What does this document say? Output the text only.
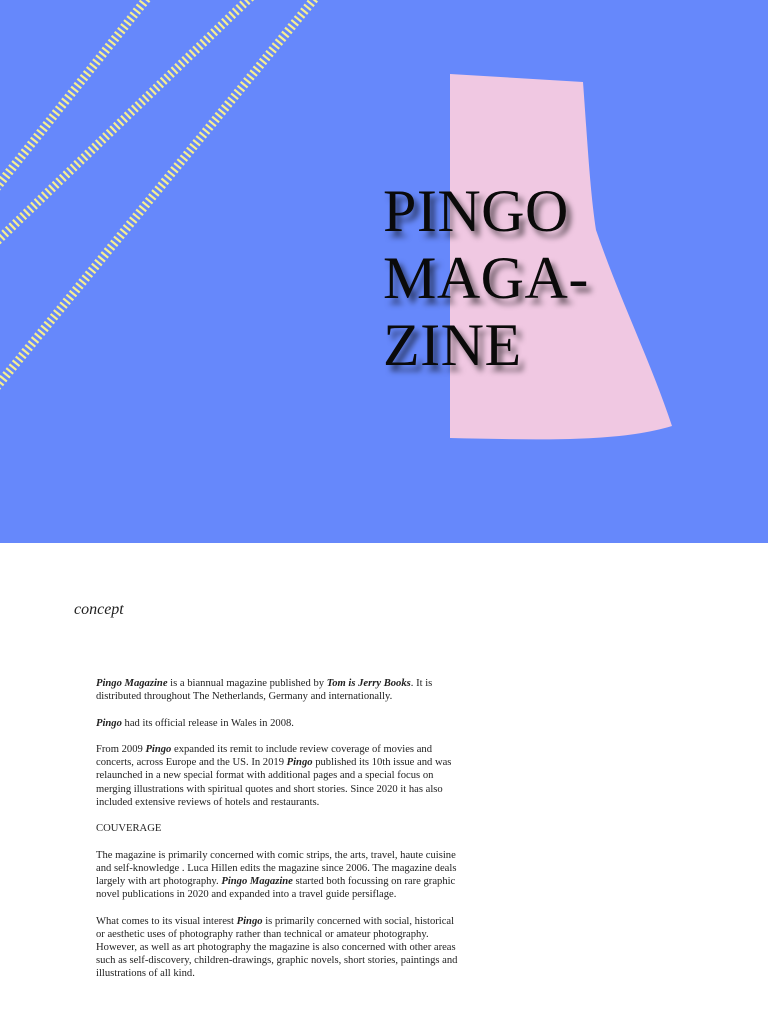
PINGO
MAGA-
ZINE
concept

Pingo Magazine is a biannual magazine published by Tom is Jerry Books. It is distributed throughout The Netherlands, Germany and internationally.

Pingo had its official release in Wales in 2008.

From 2009 Pingo expanded its remit to include review coverage of movies and concerts, across Europe and the US. In 2019 Pingo published its 10th issue and was relaunched in a new special format with additional pages and a special focus on merging illustrations with spiritual quotes and short stories. Since 2020 it has also included extensive reviews of hotels and restaurants.

COUVERAGE

The magazine is primarily concerned with comic strips, the arts, travel, haute cuisine and self-knowledge . Luca Hillen edits the magazine since 2006. The magazine deals largely with art photography. Pingo Magazine started both focussing on rare graphic novel publications in 2020 and expanded into a travel guide persiflage.

What comes to its visual interest Pingo is primarily concerned with social, historical or aesthetic uses of photography rather than technical or amateur photography. However, as well as art photography the magazine is also concerned with other areas such as self-discovery, children-drawings, graphic novels, short stories, paintings and illustrations of all kind.
